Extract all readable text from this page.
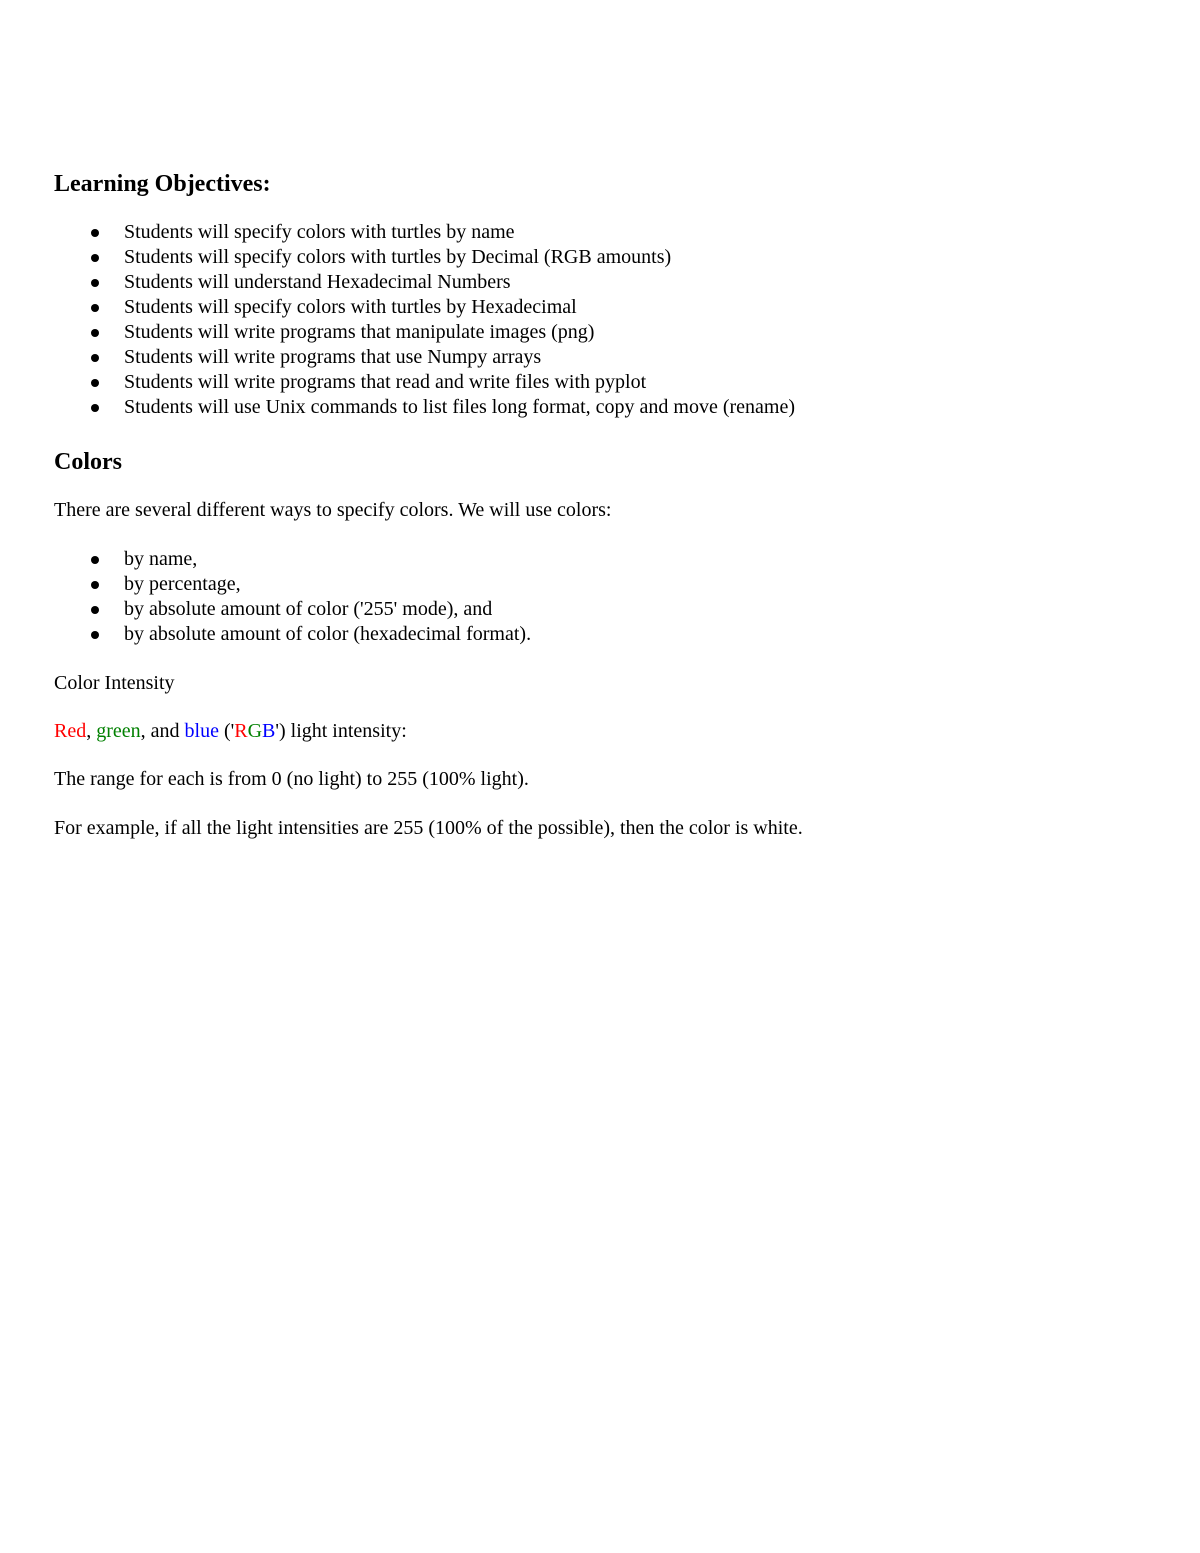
Learning Objectives:
Students will specify colors with turtles by name
Students will specify colors with turtles by Decimal (RGB amounts)
Students will understand Hexadecimal Numbers
Students will specify colors with turtles by Hexadecimal
Students will write programs that manipulate images (png)
Students will write programs that use Numpy arrays
Students will write programs that read and write files with pyplot
Students will use Unix commands to list files long format, copy and move (rename)
Colors

There are several different ways to specify colors. We will use colors:

by name,
by percentage,
by absolute amount of color ('255' mode), and
by absolute amount of color (hexadecimal format).

Color Intensity

Red, green, and blue ('RGB') light intensity:

The range for each is from 0 (no light) to 255 (100% light).

For example, if all the light intensities are 255 (100% of the possible), then the color is white.
